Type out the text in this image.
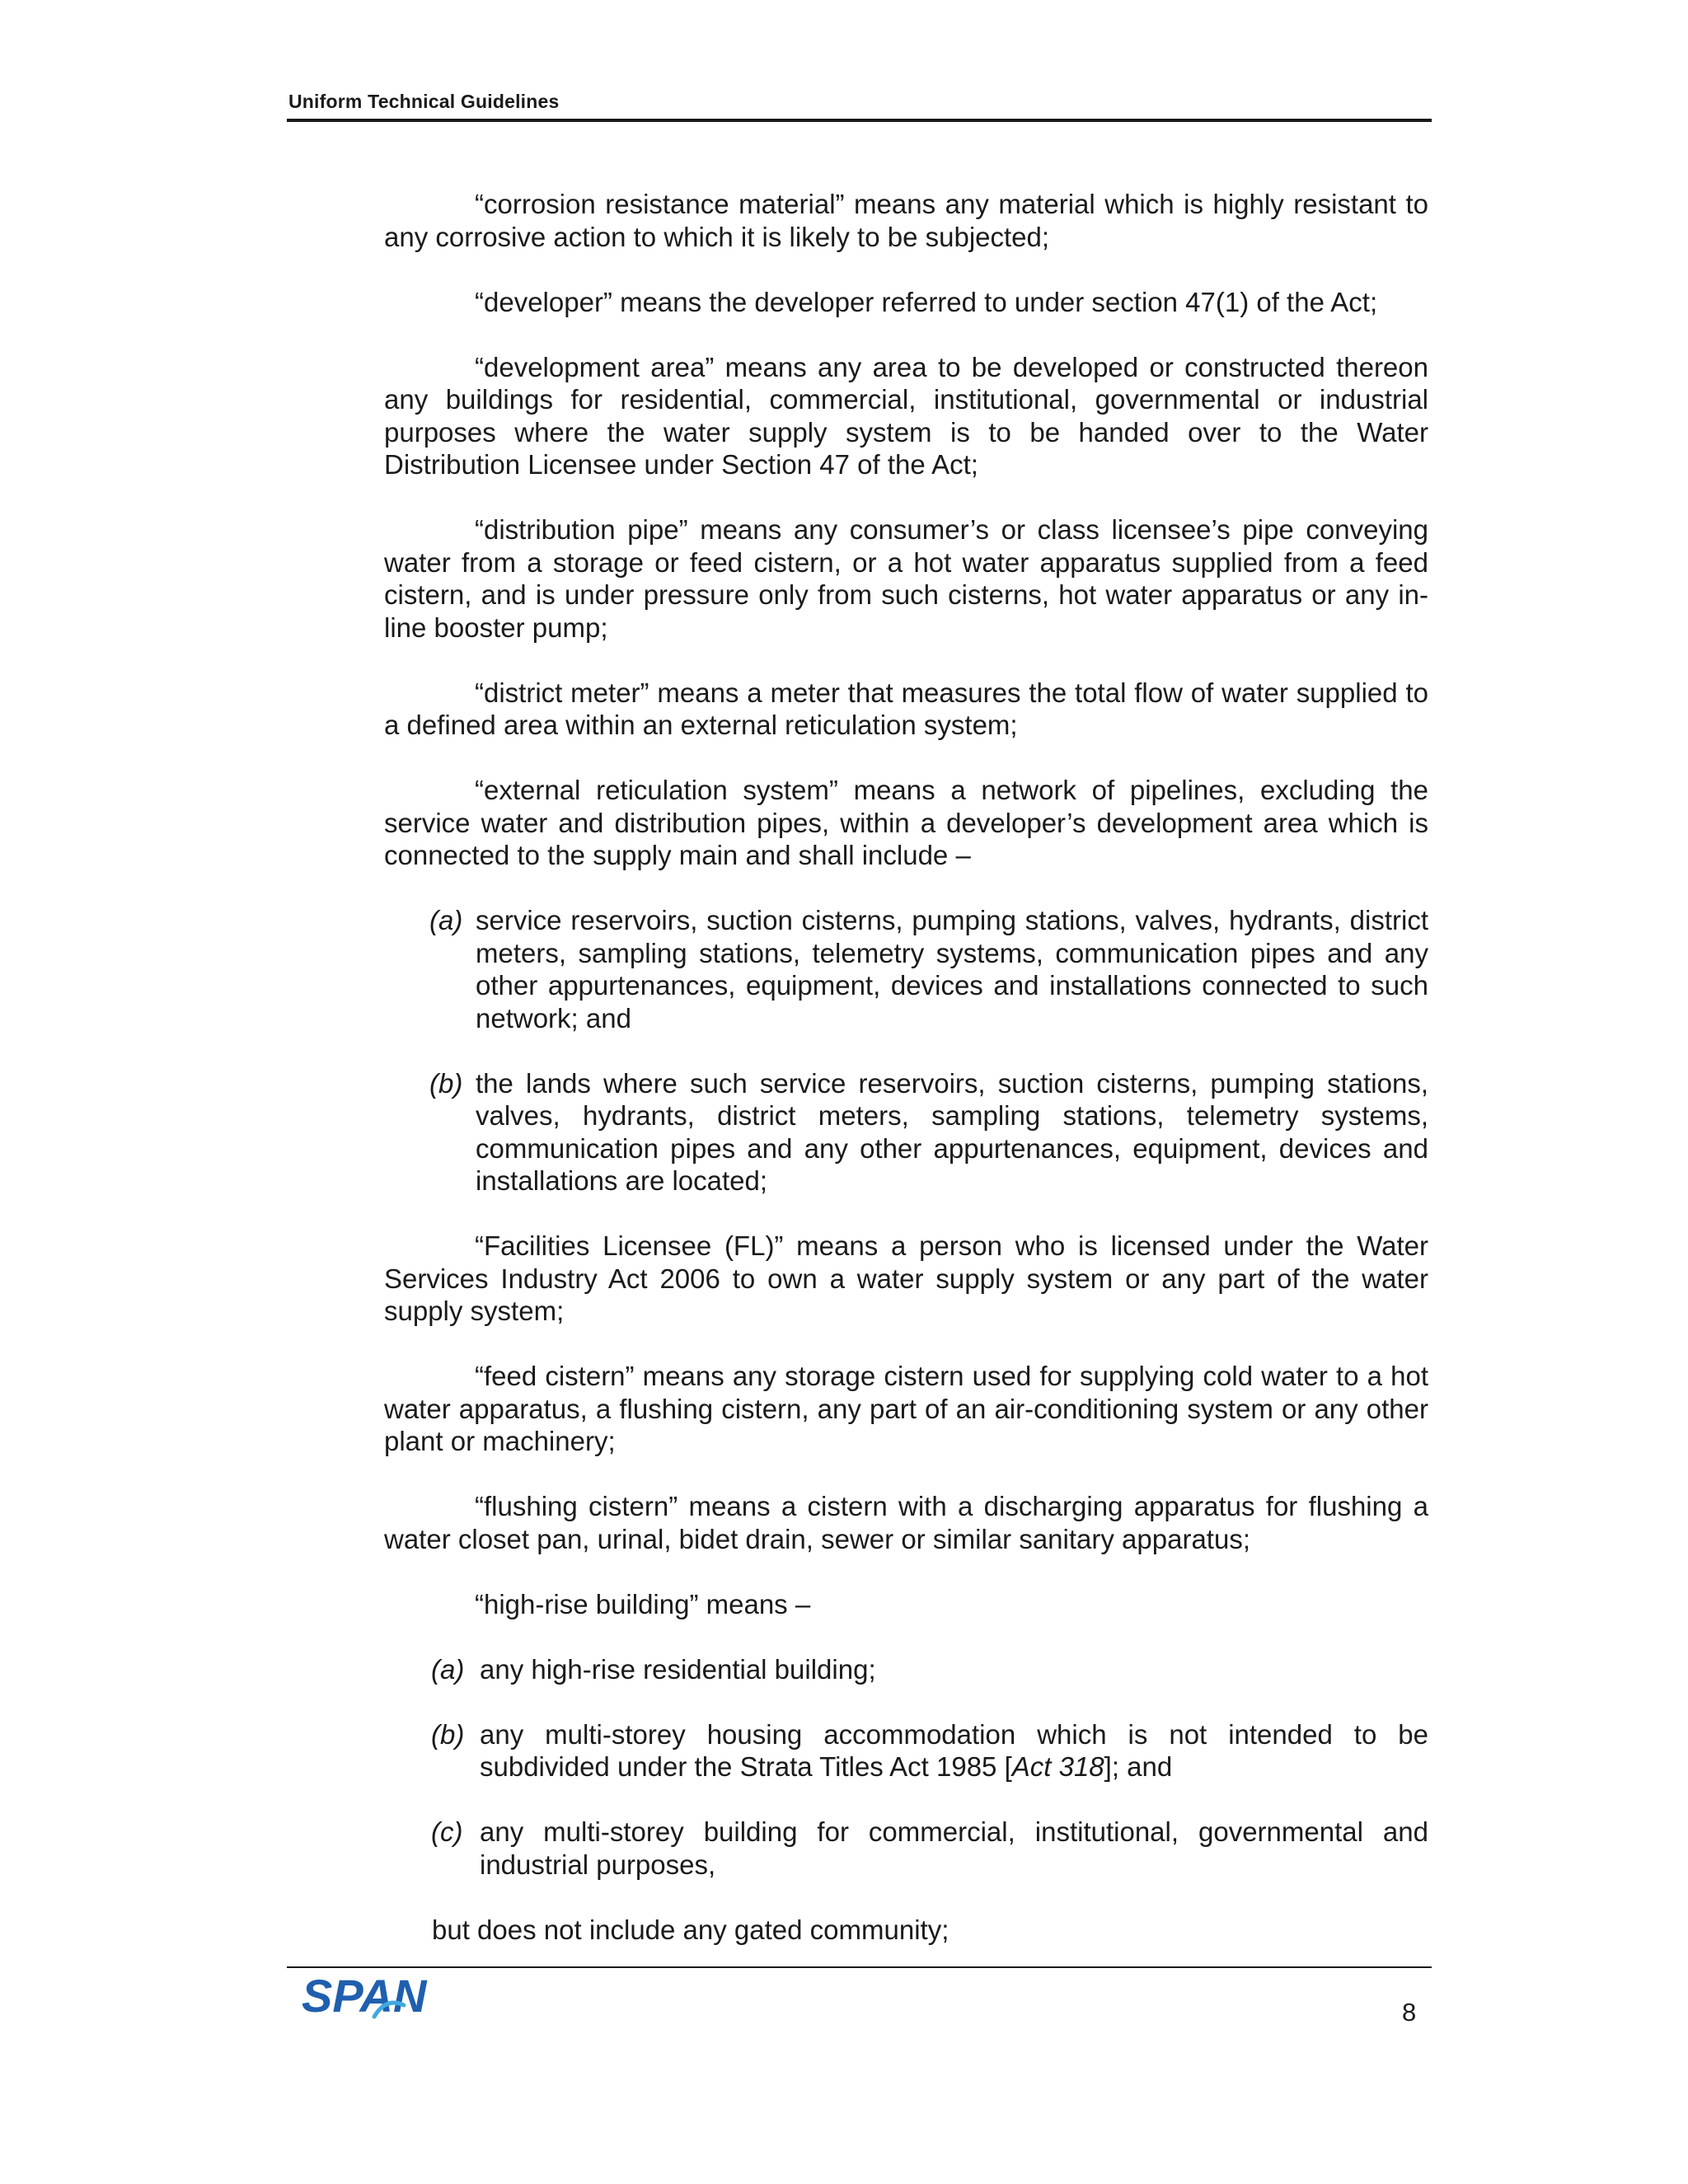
Uniform Technical Guidelines

“corrosion resistance material” means any material which is highly resistant to any corrosive action to which it is likely to be subjected;

“developer” means the developer referred to under section 47(1) of the Act;

“development area” means any area to be developed or constructed thereon any buildings for residential, commercial, institutional, governmental or industrial purposes where the water supply system is to be handed over to the Water Distribution Licensee under Section 47 of the Act;

“distribution pipe” means any consumer’s or class licensee’s pipe conveying water from a storage or feed cistern, or a hot water apparatus supplied from a feed cistern, and is under pressure only from such cisterns, hot water apparatus or any in-line booster pump;

“district meter” means a meter that measures the total flow of water supplied to a defined area within an external reticulation system;

“external reticulation system” means a network of pipelines, excluding the service water and distribution pipes, within a developer’s development area which is connected to the supply main and shall include –

(a) service reservoirs, suction cisterns, pumping stations, valves, hydrants, district meters, sampling stations, telemetry systems, communication pipes and any other appurtenances, equipment, devices and installations connected to such network; and
(b) the lands where such service reservoirs, suction cisterns, pumping stations, valves, hydrants, district meters, sampling stations, telemetry systems, communication pipes and any other appurtenances, equipment, devices and installations are located;

“Facilities Licensee (FL)” means a person who is licensed under the Water Services Industry Act 2006 to own a water supply system or any part of the water supply system;

“feed cistern” means any storage cistern used for supplying cold water to a hot water apparatus, a flushing cistern, any part of an air-conditioning system or any other plant or machinery;

“flushing cistern” means a cistern with a discharging apparatus for flushing a water closet pan, urinal, bidet drain, sewer or similar sanitary apparatus;

“high-rise building” means –

(a) any high-rise residential building;
(b) any multi-storey housing accommodation which is not intended to be subdivided under the Strata Titles Act 1985 [Act 318]; and
(c) any multi-storey building for commercial, institutional, governmental and industrial purposes,

but does not include any gated community;

SPAN	8
